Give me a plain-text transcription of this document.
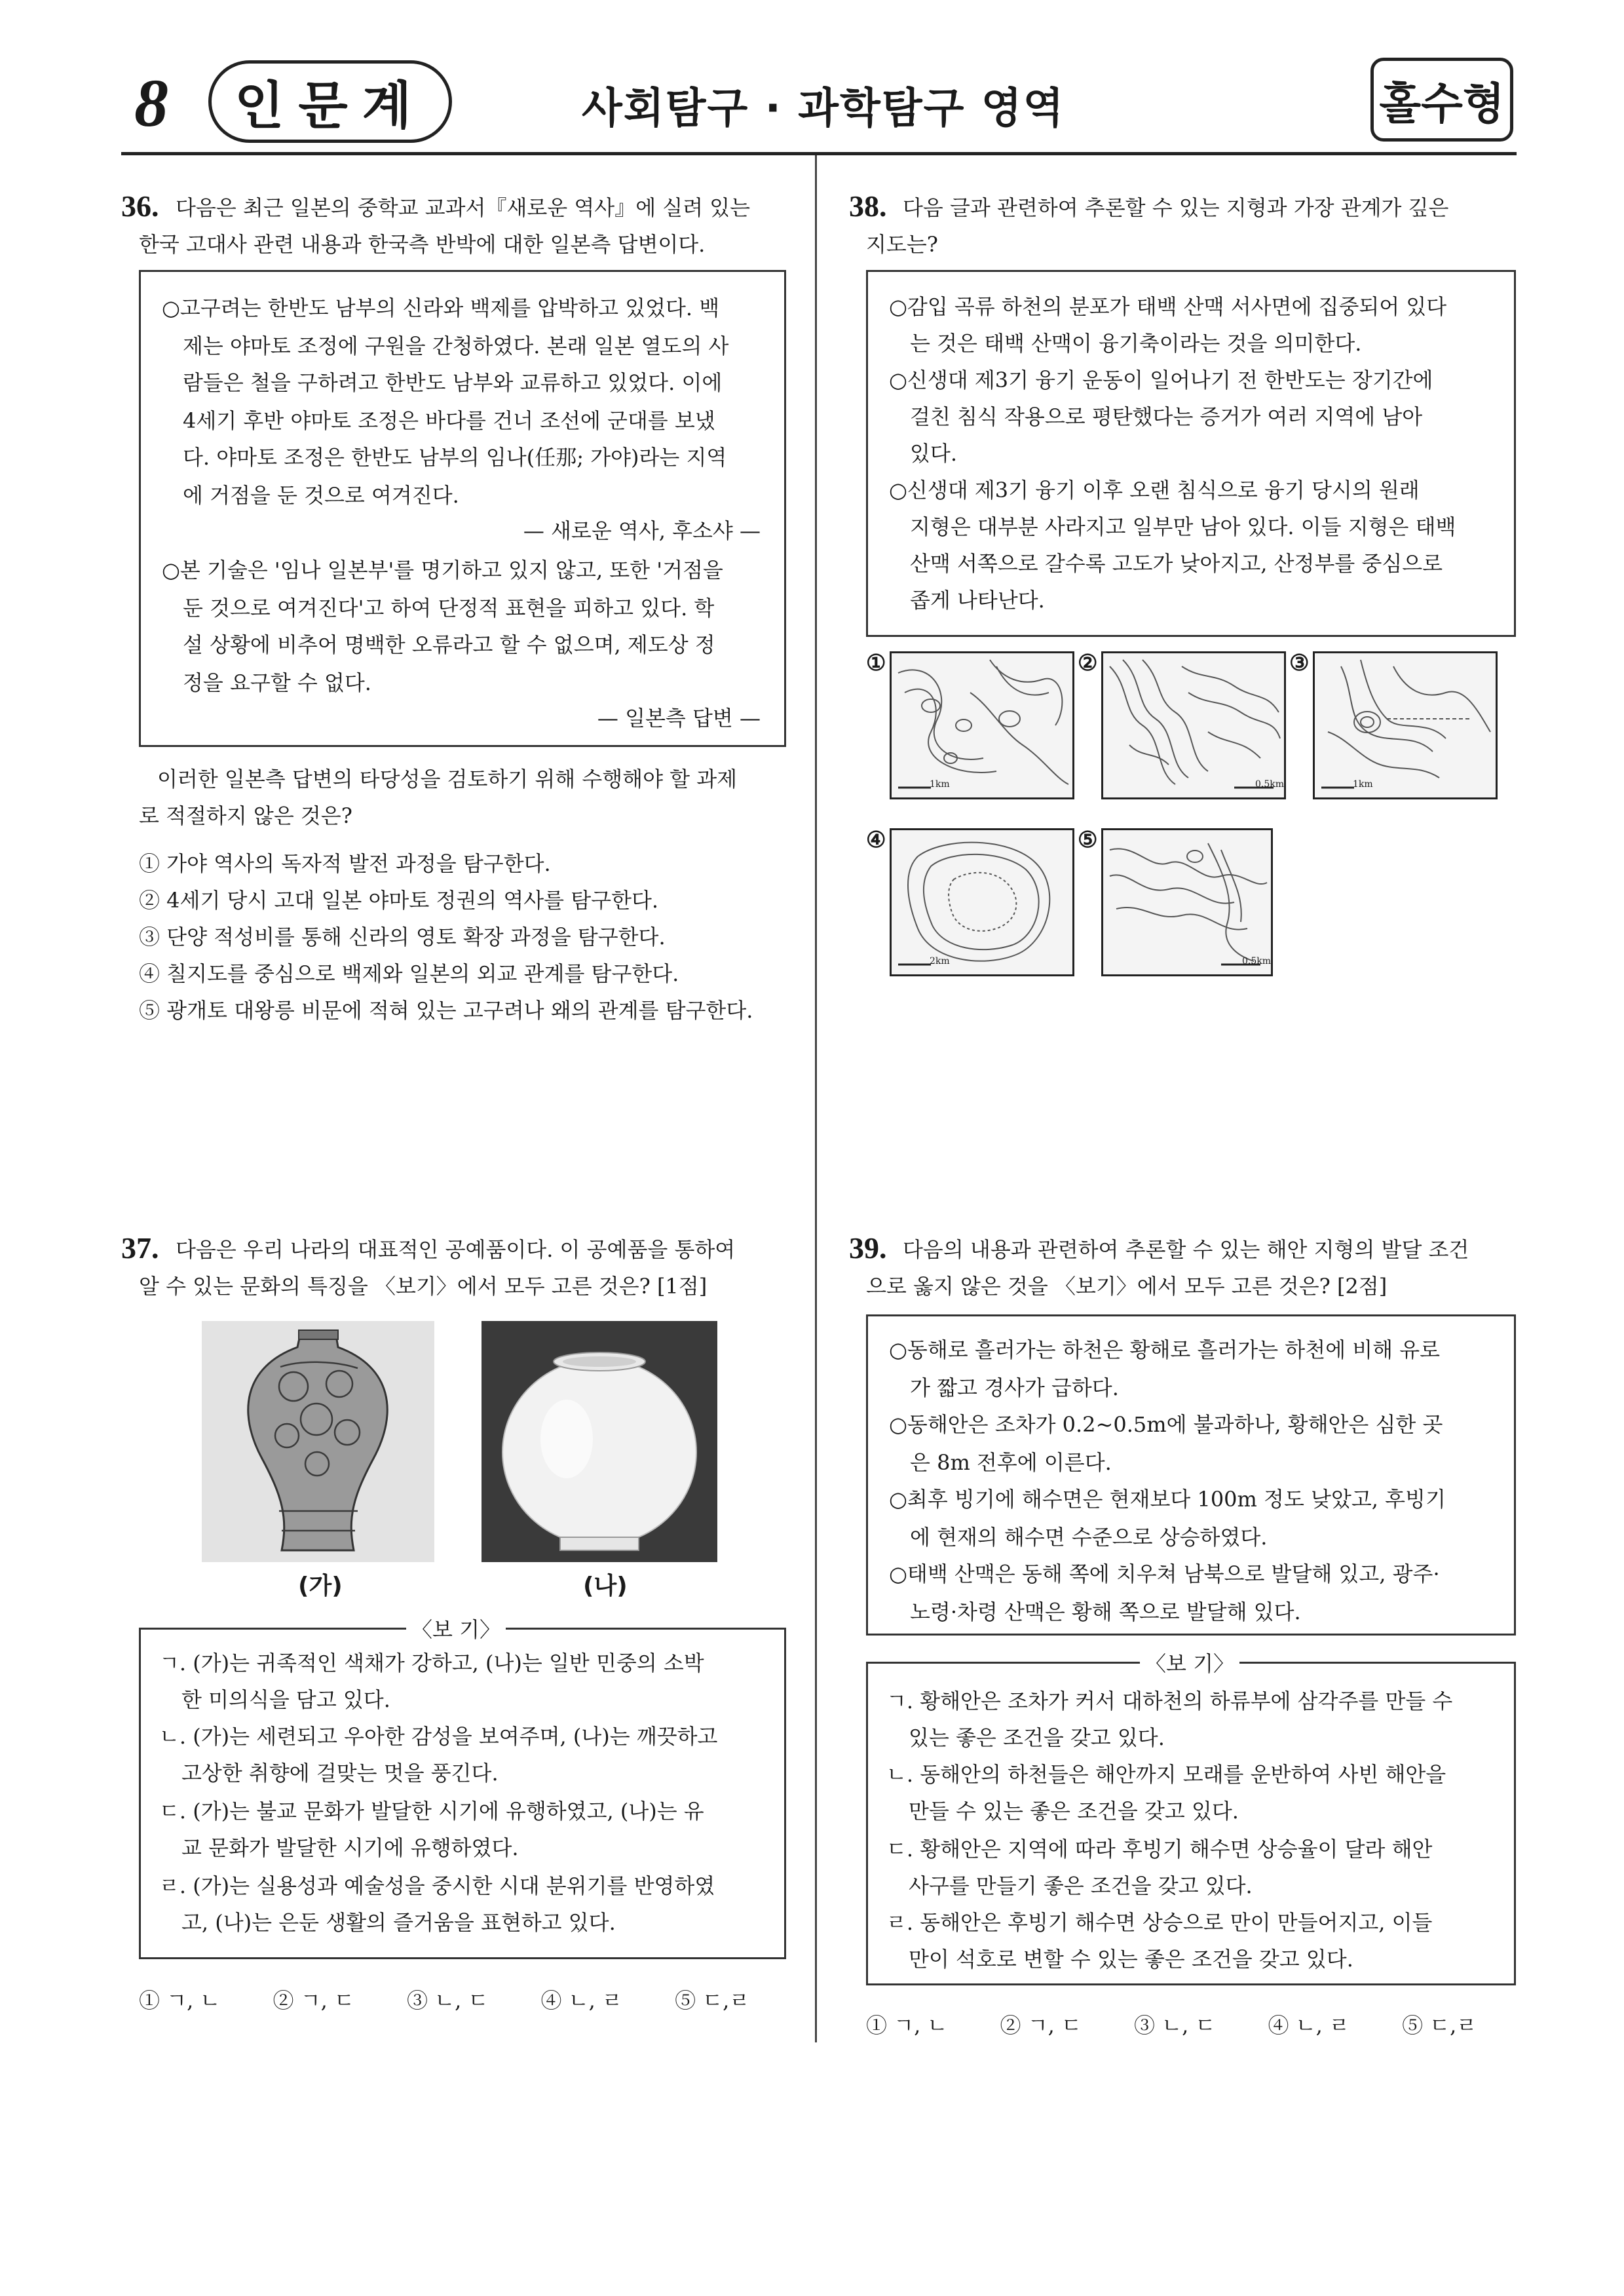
8	인문계	사회탐구 · 과학탐구 영역	홀수형
36. 다음은 최근 일본의 중학교 교과서『새로운 역사』에 실려 있는
한국 고대사 관련 내용과 한국측 반박에 대한 일본측 답변이다.
○고구려는 한반도 남부의 신라와 백제를 압박하고 있었다. 백
제는 야마토 조정에 구원을 간청하였다. 본래 일본 열도의 사
람들은 철을 구하려고 한반도 남부와 교류하고 있었다. 이에
4세기 후반 야마토 조정은 바다를 건너 조선에 군대를 보냈
다. 야마토 조정은 한반도 남부의 임나(任那; 가야)라는 지역
에 거점을 둔 것으로 여겨진다.
— 새로운 역사, 후소샤 —
○본 기술은 '임나 일본부'를 명기하고 있지 않고, 또한 '거점을
둔 것으로 여겨진다'고 하여 단정적 표현을 피하고 있다. 학
설 상황에 비추어 명백한 오류라고 할 수 없으며, 제도상 정
정을 요구할 수 없다.
— 일본측 답변 —
이러한 일본측 답변의 타당성을 검토하기 위해 수행해야 할 과제
로 적절하지 않은 것은?
① 가야 역사의 독자적 발전 과정을 탐구한다.
② 4세기 당시 고대 일본 야마토 정권의 역사를 탐구한다.
③ 단양 적성비를 통해 신라의 영토 확장 과정을 탐구한다.
④ 칠지도를 중심으로 백제와 일본의 외교 관계를 탐구한다.
⑤ 광개토 대왕릉 비문에 적혀 있는 고구려나 왜의 관계를 탐구한다.
37. 다음은 우리 나라의 대표적인 공예품이다. 이 공예품을 통하여
알 수 있는 문화의 특징을 〈보기〉에서 모두 고른 것은? [1점]
(가)	(나)
ㄱ. (가)는 귀족적인 색채가 강하고, (나)는 일반 민중의 소박
한 미의식을 담고 있다.
ㄴ. (가)는 세련되고 우아한 감성을 보여주며, (나)는 깨끗하고
고상한 취향에 걸맞는 멋을 풍긴다.
ㄷ. (가)는 불교 문화가 발달한 시기에 유행하였고, (나)는 유
교 문화가 발달한 시기에 유행하였다.
ㄹ. (가)는 실용성과 예술성을 중시한 시대 분위기를 반영하였
고, (나)는 은둔 생활의 즐거움을 표현하고 있다.
〈보 기〉
① ㄱ, ㄴ	② ㄱ, ㄷ	③ ㄴ, ㄷ	④ ㄴ, ㄹ	⑤ ㄷ,ㄹ
38. 다음 글과 관련하여 추론할 수 있는 지형과 가장 관계가 깊은
지도는?
○감입 곡류 하천의 분포가 태백 산맥 서사면에 집중되어 있다
는 것은 태백 산맥이 융기축이라는 것을 의미한다.
○신생대 제3기 융기 운동이 일어나기 전 한반도는 장기간에
걸친 침식 작용으로 평탄했다는 증거가 여러 지역에 남아
있다.
○신생대 제3기 융기 이후 오랜 침식으로 융기 당시의 원래
지형은 대부분 사라지고 일부만 남아 있다. 이들 지형은 태백
산맥 서쪽으로 갈수록 고도가 낮아지고, 산정부를 중심으로
좁게 나타난다.
①
1km
②
0.5km
③
1km
④
2km
⑤
0.5km
39. 다음의 내용과 관련하여 추론할 수 있는 해안 지형의 발달 조건
으로 옳지 않은 것을 〈보기〉에서 모두 고른 것은? [2점]
○동해로 흘러가는 하천은 황해로 흘러가는 하천에 비해 유로
가 짧고 경사가 급하다.
○동해안은 조차가 0.2~0.5m에 불과하나, 황해안은 심한 곳
은 8m 전후에 이른다.
○최후 빙기에 해수면은 현재보다 100m 정도 낮았고, 후빙기
에 현재의 해수면 수준으로 상승하였다.
○태백 산맥은 동해 쪽에 치우쳐 남북으로 발달해 있고, 광주·
노령·차령 산맥은 황해 쪽으로 발달해 있다.
ㄱ. 황해안은 조차가 커서 대하천의 하류부에 삼각주를 만들 수
있는 좋은 조건을 갖고 있다.
ㄴ. 동해안의 하천들은 해안까지 모래를 운반하여 사빈 해안을
만들 수 있는 좋은 조건을 갖고 있다.
ㄷ. 황해안은 지역에 따라 후빙기 해수면 상승율이 달라 해안
사구를 만들기 좋은 조건을 갖고 있다.
ㄹ. 동해안은 후빙기 해수면 상승으로 만이 만들어지고, 이들
만이 석호로 변할 수 있는 좋은 조건을 갖고 있다.
〈보 기〉
① ㄱ, ㄴ	② ㄱ, ㄷ	③ ㄴ, ㄷ	④ ㄴ, ㄹ	⑤ ㄷ,ㄹ
